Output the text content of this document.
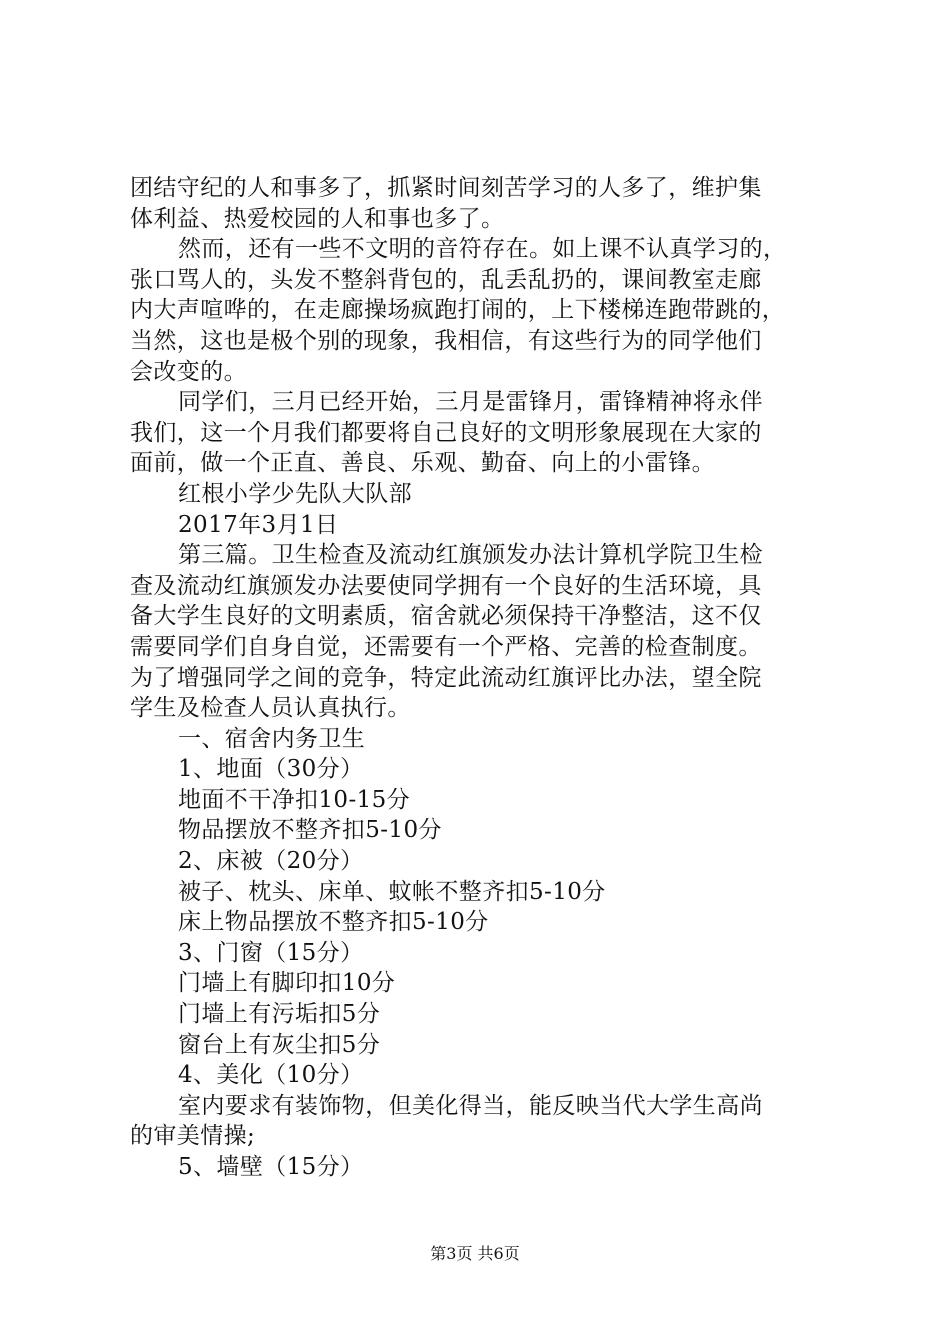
团结守纪的人和事多了，抓紧时间刻苦学习的人多了，维护集
体利益、热爱校园的人和事也多了。
然而，还有一些不文明的音符存在。如上课不认真学习的，
张口骂人的，头发不整斜背包的，乱丢乱扔的，课间教室走廊
内大声喧哗的，在走廊操场疯跑打闹的，上下楼梯连跑带跳的，
当然，这也是极个别的现象，我相信，有这些行为的同学他们
会改变的。
同学们，三月已经开始，三月是雷锋月，雷锋精神将永伴
我们，这一个月我们都要将自己良好的文明形象展现在大家的
面前，做一个正直、善良、乐观、勤奋、向上的小雷锋。
红根小学少先队大队部
2017年3月1日
第三篇。卫生检查及流动红旗颁发办法计算机学院卫生检
查及流动红旗颁发办法要使同学拥有一个良好的生活环境，具
备大学生良好的文明素质，宿舍就必须保持干净整洁，这不仅
需要同学们自身自觉，还需要有一个严格、完善的检查制度。
为了增强同学之间的竞争，特定此流动红旗评比办法，望全院
学生及检查人员认真执行。
一、宿舍内务卫生
1、地面（30分）
地面不干净扣10-15分
物品摆放不整齐扣5-10分
2、床被（20分）
被子、枕头、床单、蚊帐不整齐扣5-10分
床上物品摆放不整齐扣5-10分
3、门窗（15分）
门墙上有脚印扣10分
门墙上有污垢扣5分
窗台上有灰尘扣5分
4、美化（10分）
室内要求有装饰物，但美化得当，能反映当代大学生高尚
的审美情操;
5、墙壁（15分）
第3页 共6页
